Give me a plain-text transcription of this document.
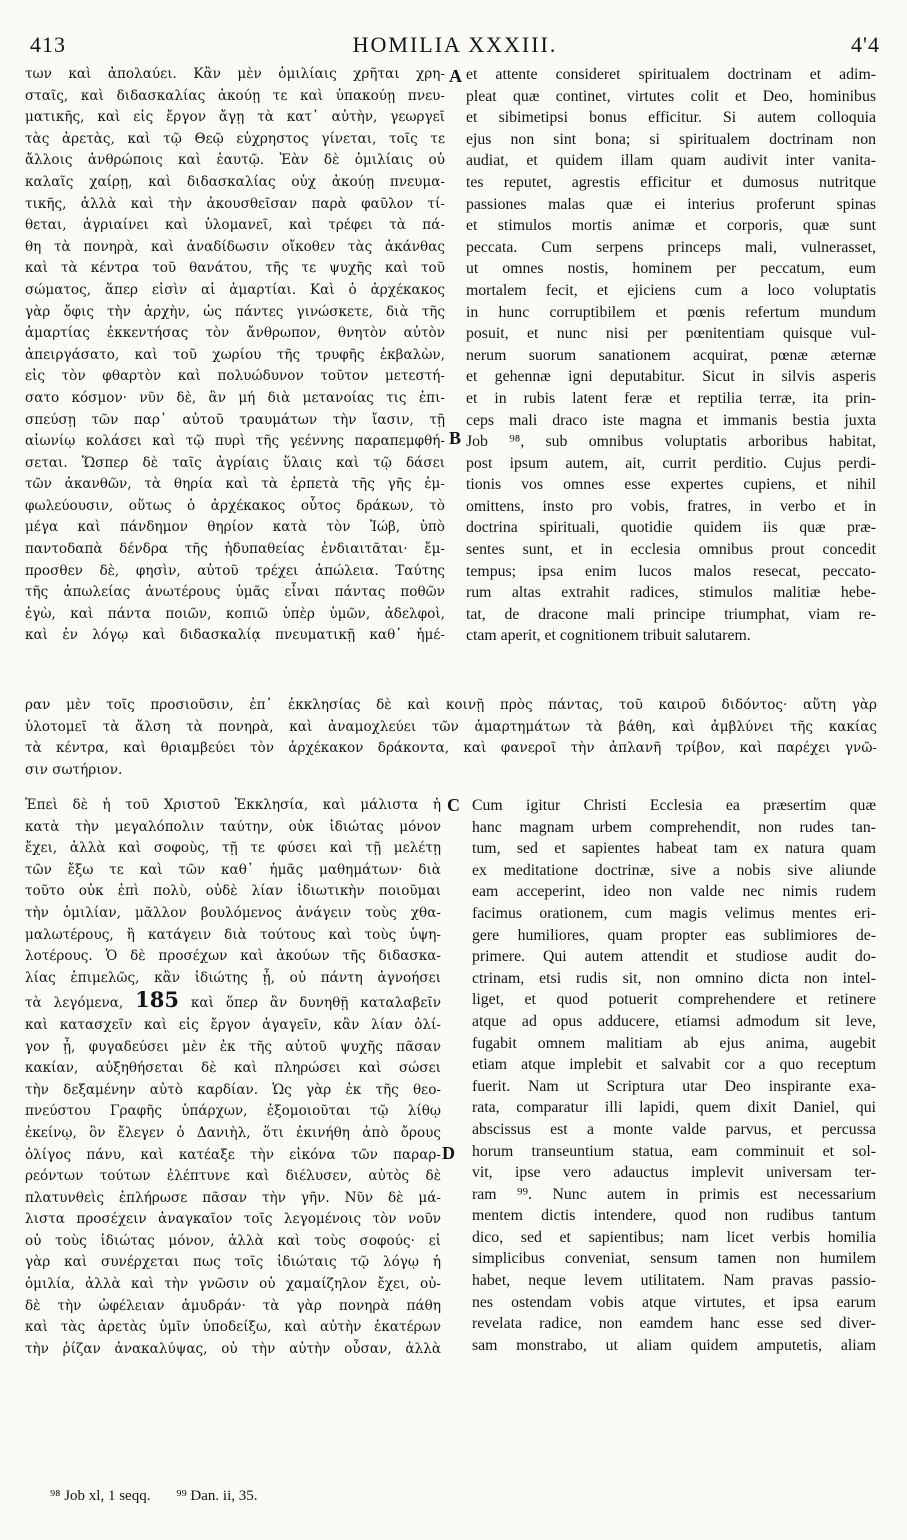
413	HOMILIA XXXIII.	4'4
των καὶ ἀπολαύει. Κἂν μὲν ὁμιλίαις χρῆται χρη-
σταῖς, καὶ διδασκαλίας ἀκούῃ τε καὶ ὑπακούῃ πνευ-
ματικῆς, καὶ εἰς ἔργον ἄγῃ τὰ κατ᾽ αὐτὴν, γεωργεῖ
τὰς ἀρετὰς, καὶ τῷ Θεῷ εὐχρηστος γίνεται, τοῖς τε
ἄλλοις ἀνθρώποις καὶ ἑαυτῷ. Ἐὰν δὲ ὁμιλίαις οὐ
καλαῖς χαίρῃ, καὶ διδασκαλίας οὐχ ἀκούῃ πνευμα-
τικῆς, ἀλλὰ καὶ τὴν ἀκουσθεῖσαν παρὰ φαῦλον τί-
θεται, ἀγριαίνει καὶ ὑλομανεῖ, καὶ τρέφει τὰ πά-
θη τὰ πονηρὰ, καὶ ἀναδίδωσιν οἴκοθεν τὰς ἀκάνθας
καὶ τὰ κέντρα τοῦ θανάτου, τῆς τε ψυχῆς καὶ τοῦ
σώματος, ἅπερ εἰσὶν αἱ ἁμαρτίαι. Καὶ ὁ ἀρχέκακος
γὰρ ὄφις τὴν ἀρχὴν, ὡς πάντες γινώσκετε, διὰ τῆς
ἁμαρτίας ἐκκεντήσας τὸν ἄνθρωπον, θνητὸν αὐτὸν
ἀπειργάσατο, καὶ τοῦ χωρίου τῆς τρυφῆς ἐκβαλὼν,
εἰς τὸν φθαρτὸν καὶ πολυώδυνον τοῦτον μετεστή-
σατο κόσμον· νῦν δὲ, ἂν μή διὰ μετανοίας τις ἐπι-
σπεύσῃ τῶν παρ᾽ αὐτοῦ τραυμάτων τὴν ἴασιν, τῇ
αἰωνίῳ κολάσει καὶ τῷ πυρὶ τῆς γεέννης παραπεμφθή-
σεται. Ὥσπερ δὲ ταῖς ἀγρίαις ὕλαις καὶ τῷ δάσει
τῶν ἀκανθῶν, τὰ θηρία καὶ τὰ ἑρπετὰ τῆς γῆς ἐμ-
φωλεύουσιν, οὕτως ὁ ἀρχέκακος οὗτος δράκων, τὸ
μέγα καὶ πάνδημον θηρίον κατὰ τὸν Ἰώβ, ὑπὸ
παντοδαπὰ δένδρα τῆς ἡδυπαθείας ἐνδιαιτᾶται· ἔμ-
προσθεν δὲ, φησὶν, αὐτοῦ τρέχει ἀπώλεια. Ταύτης
τῆς ἀπωλείας ἀνωτέρους ὑμᾶς εἶναι πάντας ποθῶν
ἐγὼ, καὶ πάντα ποιῶν, κοπιῶ ὑπὲρ ὑμῶν, ἀδελφοὶ,
καὶ ἐν λόγῳ καὶ διδασκαλίᾳ πνευματικῇ καθ᾽ ἡμέ-
et attente consideret spiritualem doctrinam et adim-
pleat quæ continet, virtutes colit et Deo, hominibus
et sibimetipsi bonus efficitur. Si autem colloquia
ejus non sint bona; si spiritualem doctrinam non
audiat, et quidem illam quam audivit inter vanita-
tes reputet, agrestis efficitur et dumosus nutritque
passiones malas quæ ei interius proferunt spinas
et stimulos mortis animæ et corporis, quæ sunt
peccata. Cum serpens princeps mali, vulnerasset,
ut omnes nostis, hominem per peccatum, eum
mortalem fecit, et ejiciens cum a loco voluptatis
in hunc corruptibilem et pœnis refertum mundum
posuit, et nunc nisi per pœnitentiam quisque vul-
nerum suorum sanationem acquirat, pœnæ æternæ
et gehennæ igni deputabitur. Sicut in silvis asperis
et in rubis latent feræ et reptilia terræ, ita prin-
ceps mali draco iste magna et immanis bestia juxta
Job ⁹⁸, sub omnibus voluptatis arboribus habitat,
post ipsum autem, ait, currit perditio. Cujus perdi-
tionis vos omnes esse expertes cupiens, et nihil
omittens, insto pro vobis, fratres, in verbo et in
doctrina spirituali, quotidie quidem iis quæ præ-
sentes sunt, et in ecclesia omnibus prout concedit
tempus; ipsa enim lucos malos resecat, peccato-
rum altas extrahit radices, stimulos malitiæ hebe-
tat, de dracone mali principe triumphat, viam re-
ctam aperit, et cognitionem tribuit salutarem.
A
B
C
D
ραν μὲν τοῖς προσιοῦσιν, ἐπ᾽ ἐκκλησίας δὲ καὶ κοινῇ πρὸς πάντας, τοῦ καιροῦ διδόντος· αὕτη γὰρ
ὑλοτομεῖ τὰ ἄλση τὰ πονηρὰ, καὶ ἀναμοχλεύει τῶν ἁμαρτημάτων τὰ βάθη, καὶ ἀμβλύνει τῆς κακίας
τὰ κέντρα, καὶ θριαμβεύει τὸν ἀρχέκακον δράκοντα, καὶ φανεροῖ τὴν ἀπλανῆ τρίβον, καὶ παρέχει γνῶ-
σιν σωτήριον.
Ἐπεὶ δὲ ἡ τοῦ Χριστοῦ Ἐκκλησία, καὶ μάλιστα ἡ
κατὰ τὴν μεγαλόπολιν ταύτην, οὐκ ἰδιώτας μόνον
ἔχει, ἀλλὰ καὶ σοφοὺς, τῇ τε φύσει καὶ τῇ μελέτῃ
τῶν ἔξω τε καὶ τῶν καθ᾽ ἡμᾶς μαθημάτων· διὰ
τοῦτο οὐκ ἐπὶ πολὺ, οὐδὲ λίαν ἰδιωτικὴν ποιοῦμαι
τὴν ὁμιλίαν, μᾶλλον βουλόμενος ἀνάγειν τοὺς χθα-
μαλωτέρους, ἢ κατάγειν διὰ τούτους καὶ τοὺς ὑψη-
λοτέρους. Ὁ δὲ προσέχων καὶ ἀκούων τῆς διδασκα-
λίας ἐπιμελῶς, κἂν ἰδιώτης ᾖ, οὐ πάντη ἀγνοήσει
τὰ λεγόμενα, 185 καὶ ὅπερ ἂν δυνηθῇ καταλαβεῖν
καὶ κατασχεῖν καὶ εἰς ἔργον ἀγαγεῖν, κἂν λίαν ὀλί-
γον ᾖ, φυγαδεύσει μὲν ἐκ τῆς αὐτοῦ ψυχῆς πᾶσαν
κακίαν, αὐξηθήσεται δὲ καὶ πληρώσει καὶ σώσει
τὴν δεξαμένην αὐτὸ καρδίαν. Ὡς γὰρ ἐκ τῆς θεο-
πνεύστου Γραφῆς ὑπάρχων, ἐξομοιοῦται τῷ λίθῳ
ἐκείνῳ, ὃν ἔλεγεν ὁ Δανιὴλ, ὅτι ἐκινήθη ἀπὸ ὄρους
ὀλίγος πάνυ, καὶ κατέαξε τὴν εἰκόνα τῶν παραρ-
ρεόντων τούτων ἐλέπτυνε καὶ διέλυσεν, αὐτὸς δὲ
πλατυνθεὶς ἐπλήρωσε πᾶσαν τὴν γῆν. Νῦν δὲ μά-
λιστα προσέχειν ἀναγκαῖον τοῖς λεγομένοις τὸν νοῦν
οὐ τοὺς ἰδιώτας μόνον, ἀλλὰ καὶ τοὺς σοφούς· εἰ
γὰρ καὶ συνέρχεται πως τοῖς ἰδιώταις τῷ λόγῳ ἡ
ὁμιλία, ἀλλὰ καὶ τὴν γνῶσιν οὐ χαμαίζηλον ἔχει, οὐ-
δὲ τὴν ὠφέλειαν ἀμυδράν· τὰ γὰρ πονηρὰ πάθη
καὶ τὰς ἀρετὰς ὑμῖν ὑποδείξω, καὶ αὐτὴν ἑκατέρων
τὴν ῥίζαν ἀνακαλύψας, οὐ τὴν αὐτὴν οὖσαν, ἀλλὰ
Cum igitur Christi Ecclesia ea præsertim quæ
hanc magnam urbem comprehendit, non rudes tan-
tum, sed et sapientes habeat tam ex natura quam
ex meditatione doctrinæ, sive a nobis sive aliunde
eam acceperint, ideo non valde nec nimis rudem
facimus orationem, cum magis velimus mentes eri-
gere humiliores, quam propter eas sublimiores de-
primere. Qui autem attendit et studiose audit do-
ctrinam, etsi rudis sit, non omnino dicta non intel-
liget, et quod potuerit comprehendere et retinere
atque ad opus adducere, etiamsi admodum sit leve,
fugabit omnem malitiam ab ejus anima, augebit
etiam atque implebit et salvabit cor a quo receptum
fuerit. Nam ut Scriptura utar Deo inspirante exa-
rata, comparatur illi lapidi, quem dixit Daniel, qui
abscissus est a monte valde parvus, et percussa
horum transeuntium statua, eam comminuit et sol-
vit, ipse vero adauctus implevit universam ter-
ram ⁹⁹. Nunc autem in primis est necessarium
mentem dictis intendere, quod non rudibus tantum
dico, sed et sapientibus; nam licet verbis homilia
simplicibus conveniat, sensum tamen non humilem
habet, neque levem utilitatem. Nam pravas passio-
nes ostendam vobis atque virtutes, et ipsa earum
revelata radice, non eamdem hanc esse sed diver-
sam monstrabo, ut aliam quidem amputetis, aliam
⁹⁸ Job xl, 1 seqq. ⁹⁹ Dan. ii, 35.
